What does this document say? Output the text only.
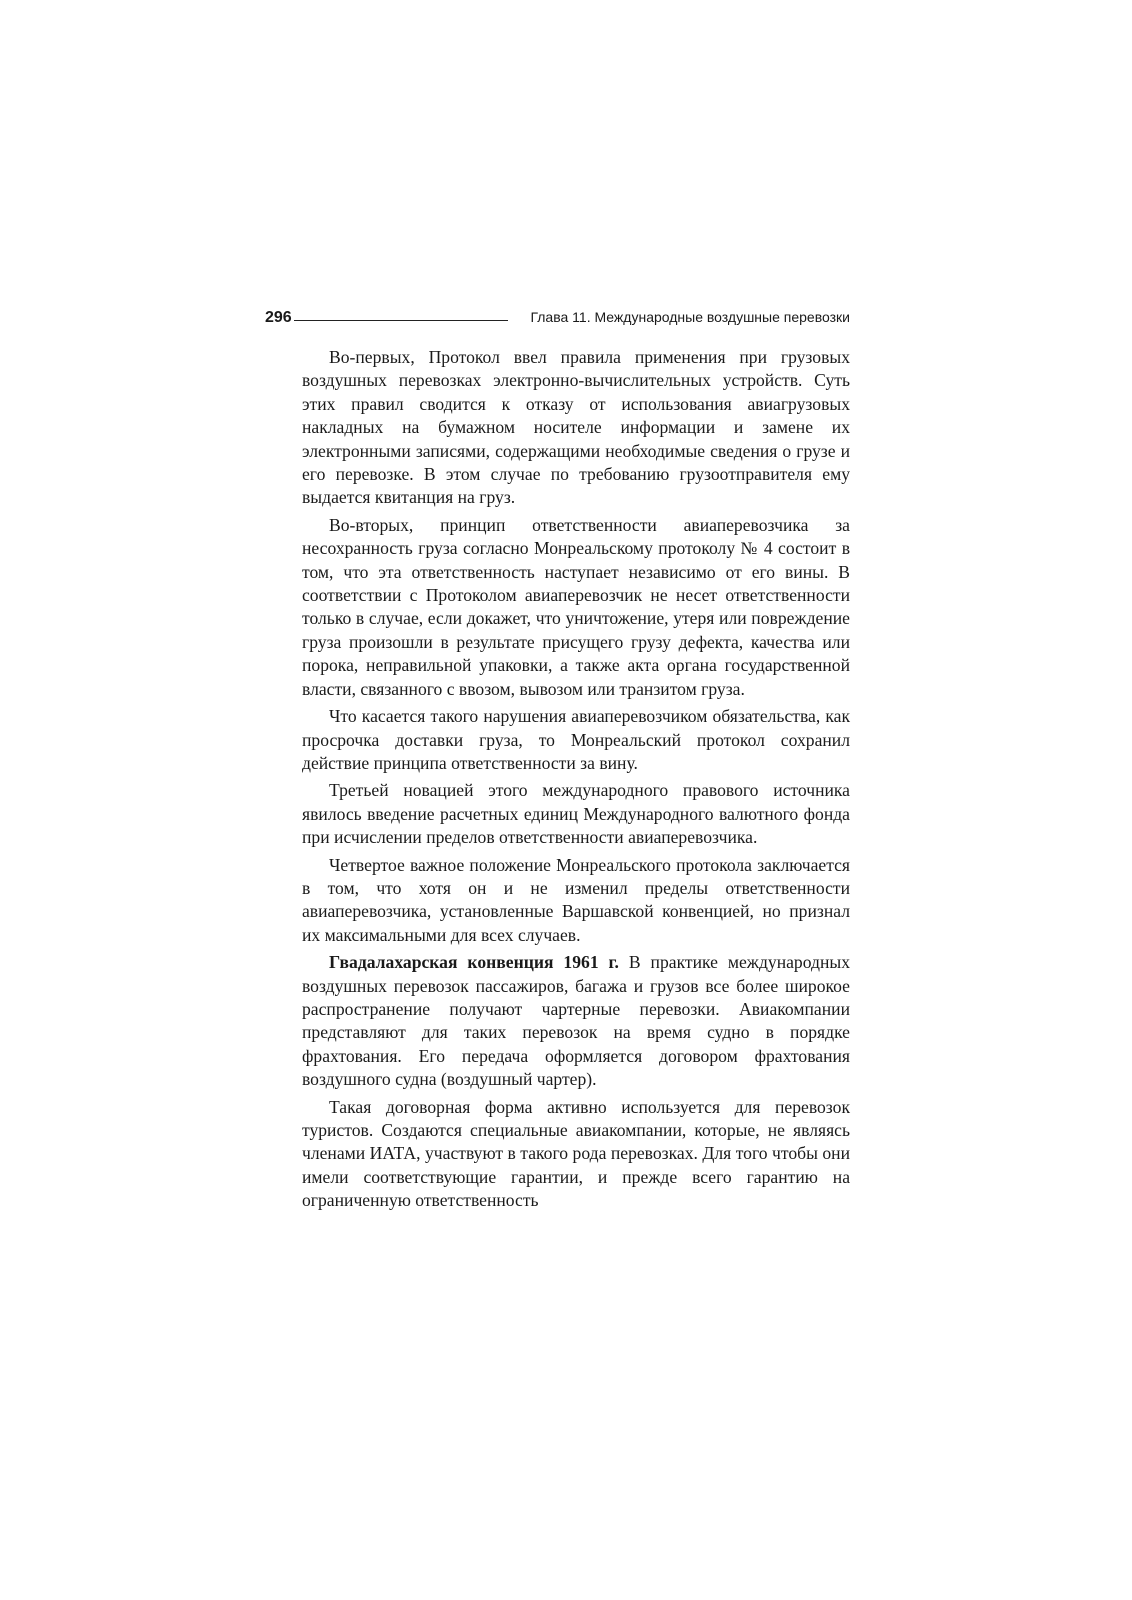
296	Глава 11. Международные воздушные перевозки

Во-первых, Протокол ввел правила применения при грузовых воздушных перевозках электронно-вычислительных устройств. Суть этих правил сводится к отказу от использования авиагрузовых накладных на бумажном носителе информации и замене их электронными записями, содержащими необходимые сведения о грузе и его перевозке. В этом случае по требованию грузоотправителя ему выдается квитанция на груз.

Во-вторых, принцип ответственности авиаперевозчика за несохранность груза согласно Монреальскому протоколу № 4 состоит в том, что эта ответственность наступает независимо от его вины. В соответствии с Протоколом авиаперевозчик не несет ответственности только в случае, если докажет, что уничтожение, утеря или повреждение груза произошли в результате присущего грузу дефекта, качества или порока, неправильной упаковки, а также акта органа государственной власти, связанного с ввозом, вывозом или транзитом груза.

Что касается такого нарушения авиаперевозчиком обязательства, как просрочка доставки груза, то Монреальский протокол сохранил действие принципа ответственности за вину.

Третьей новацией этого международного правового источника явилось введение расчетных единиц Международного валютного фонда при исчислении пределов ответственности авиаперевозчика.

Четвертое важное положение Монреальского протокола заключается в том, что хотя он и не изменил пределы ответственности авиаперевозчика, установленные Варшавской конвенцией, но признал их максимальными для всех случаев.

Гвадалахарская конвенция 1961 г. В практике международных воздушных перевозок пассажиров, багажа и грузов все более широкое распространение получают чартерные перевозки. Авиакомпании представляют для таких перевозок на время судно в порядке фрахтования. Его передача оформляется договором фрахтования воздушного судна (воздушный чартер).

Такая договорная форма активно используется для перевозок туристов. Создаются специальные авиакомпании, которые, не являясь членами ИАТА, участвуют в такого рода перевозках. Для того чтобы они имели соответствующие гарантии, и прежде всего гарантию на ограниченную ответственность
